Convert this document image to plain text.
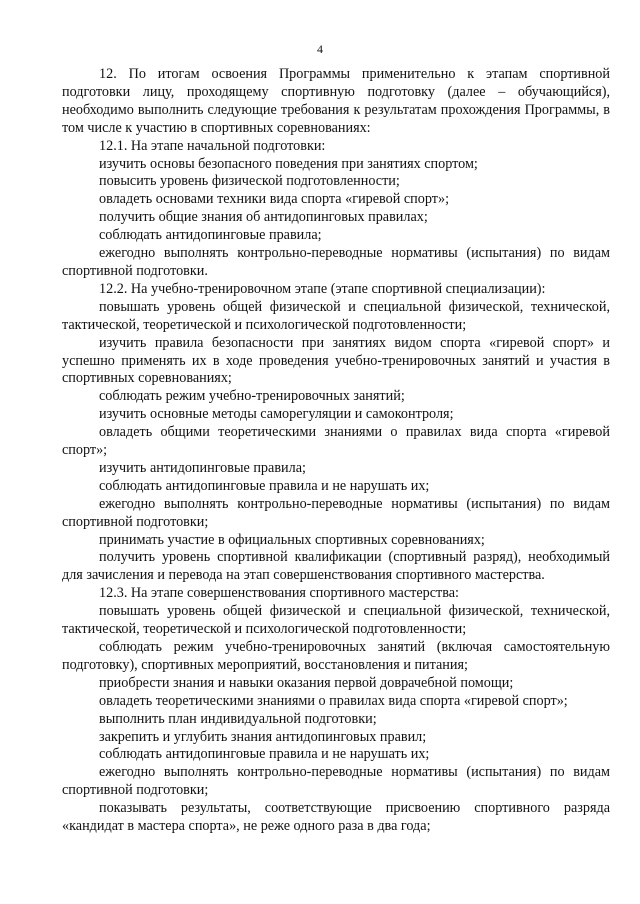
4

12. По итогам освоения Программы применительно к этапам спортивной подготовки лицу, проходящему спортивную подготовку (далее – обучающийся), необходимо выполнить следующие требования к результатам прохождения Программы, в том числе к участию в спортивных соревнованиях:

12.1. На этапе начальной подготовки:

изучить основы безопасного поведения при занятиях спортом;

повысить уровень физической подготовленности;

овладеть основами техники вида спорта «гиревой спорт»;

получить общие знания об антидопинговых правилах;

соблюдать антидопинговые правила;

ежегодно выполнять контрольно-переводные нормативы (испытания) по видам спортивной подготовки.

12.2. На учебно-тренировочном этапе (этапе спортивной специализации):

повышать уровень общей физической и специальной физической, технической, тактической, теоретической и психологической подготовленности;

изучить правила безопасности при занятиях видом спорта «гиревой спорт» и успешно применять их в ходе проведения учебно-тренировочных занятий и участия в спортивных соревнованиях;

соблюдать режим учебно-тренировочных занятий;

изучить основные методы саморегуляции и самоконтроля;

овладеть общими теоретическими знаниями о правилах вида спорта «гиревой спорт»;

изучить антидопинговые правила;

соблюдать антидопинговые правила и не нарушать их;

ежегодно выполнять контрольно-переводные нормативы (испытания) по видам спортивной подготовки;

принимать участие в официальных спортивных соревнованиях;

получить уровень спортивной квалификации (спортивный разряд), необходимый для зачисления и перевода на этап совершенствования спортивного мастерства.

12.3. На этапе совершенствования спортивного мастерства:

повышать уровень общей физической и специальной физической, технической, тактической, теоретической и психологической подготовленности;

соблюдать режим учебно-тренировочных занятий (включая самостоятельную подготовку), спортивных мероприятий, восстановления и питания;

приобрести знания и навыки оказания первой доврачебной помощи;

овладеть теоретическими знаниями о правилах вида спорта «гиревой спорт»;

выполнить план индивидуальной подготовки;

закрепить и углубить знания антидопинговых правил;

соблюдать антидопинговые правила и не нарушать их;

ежегодно выполнять контрольно-переводные нормативы (испытания) по видам спортивной подготовки;

показывать результаты, соответствующие присвоению спортивного разряда «кандидат в мастера спорта», не реже одного раза в два года;
